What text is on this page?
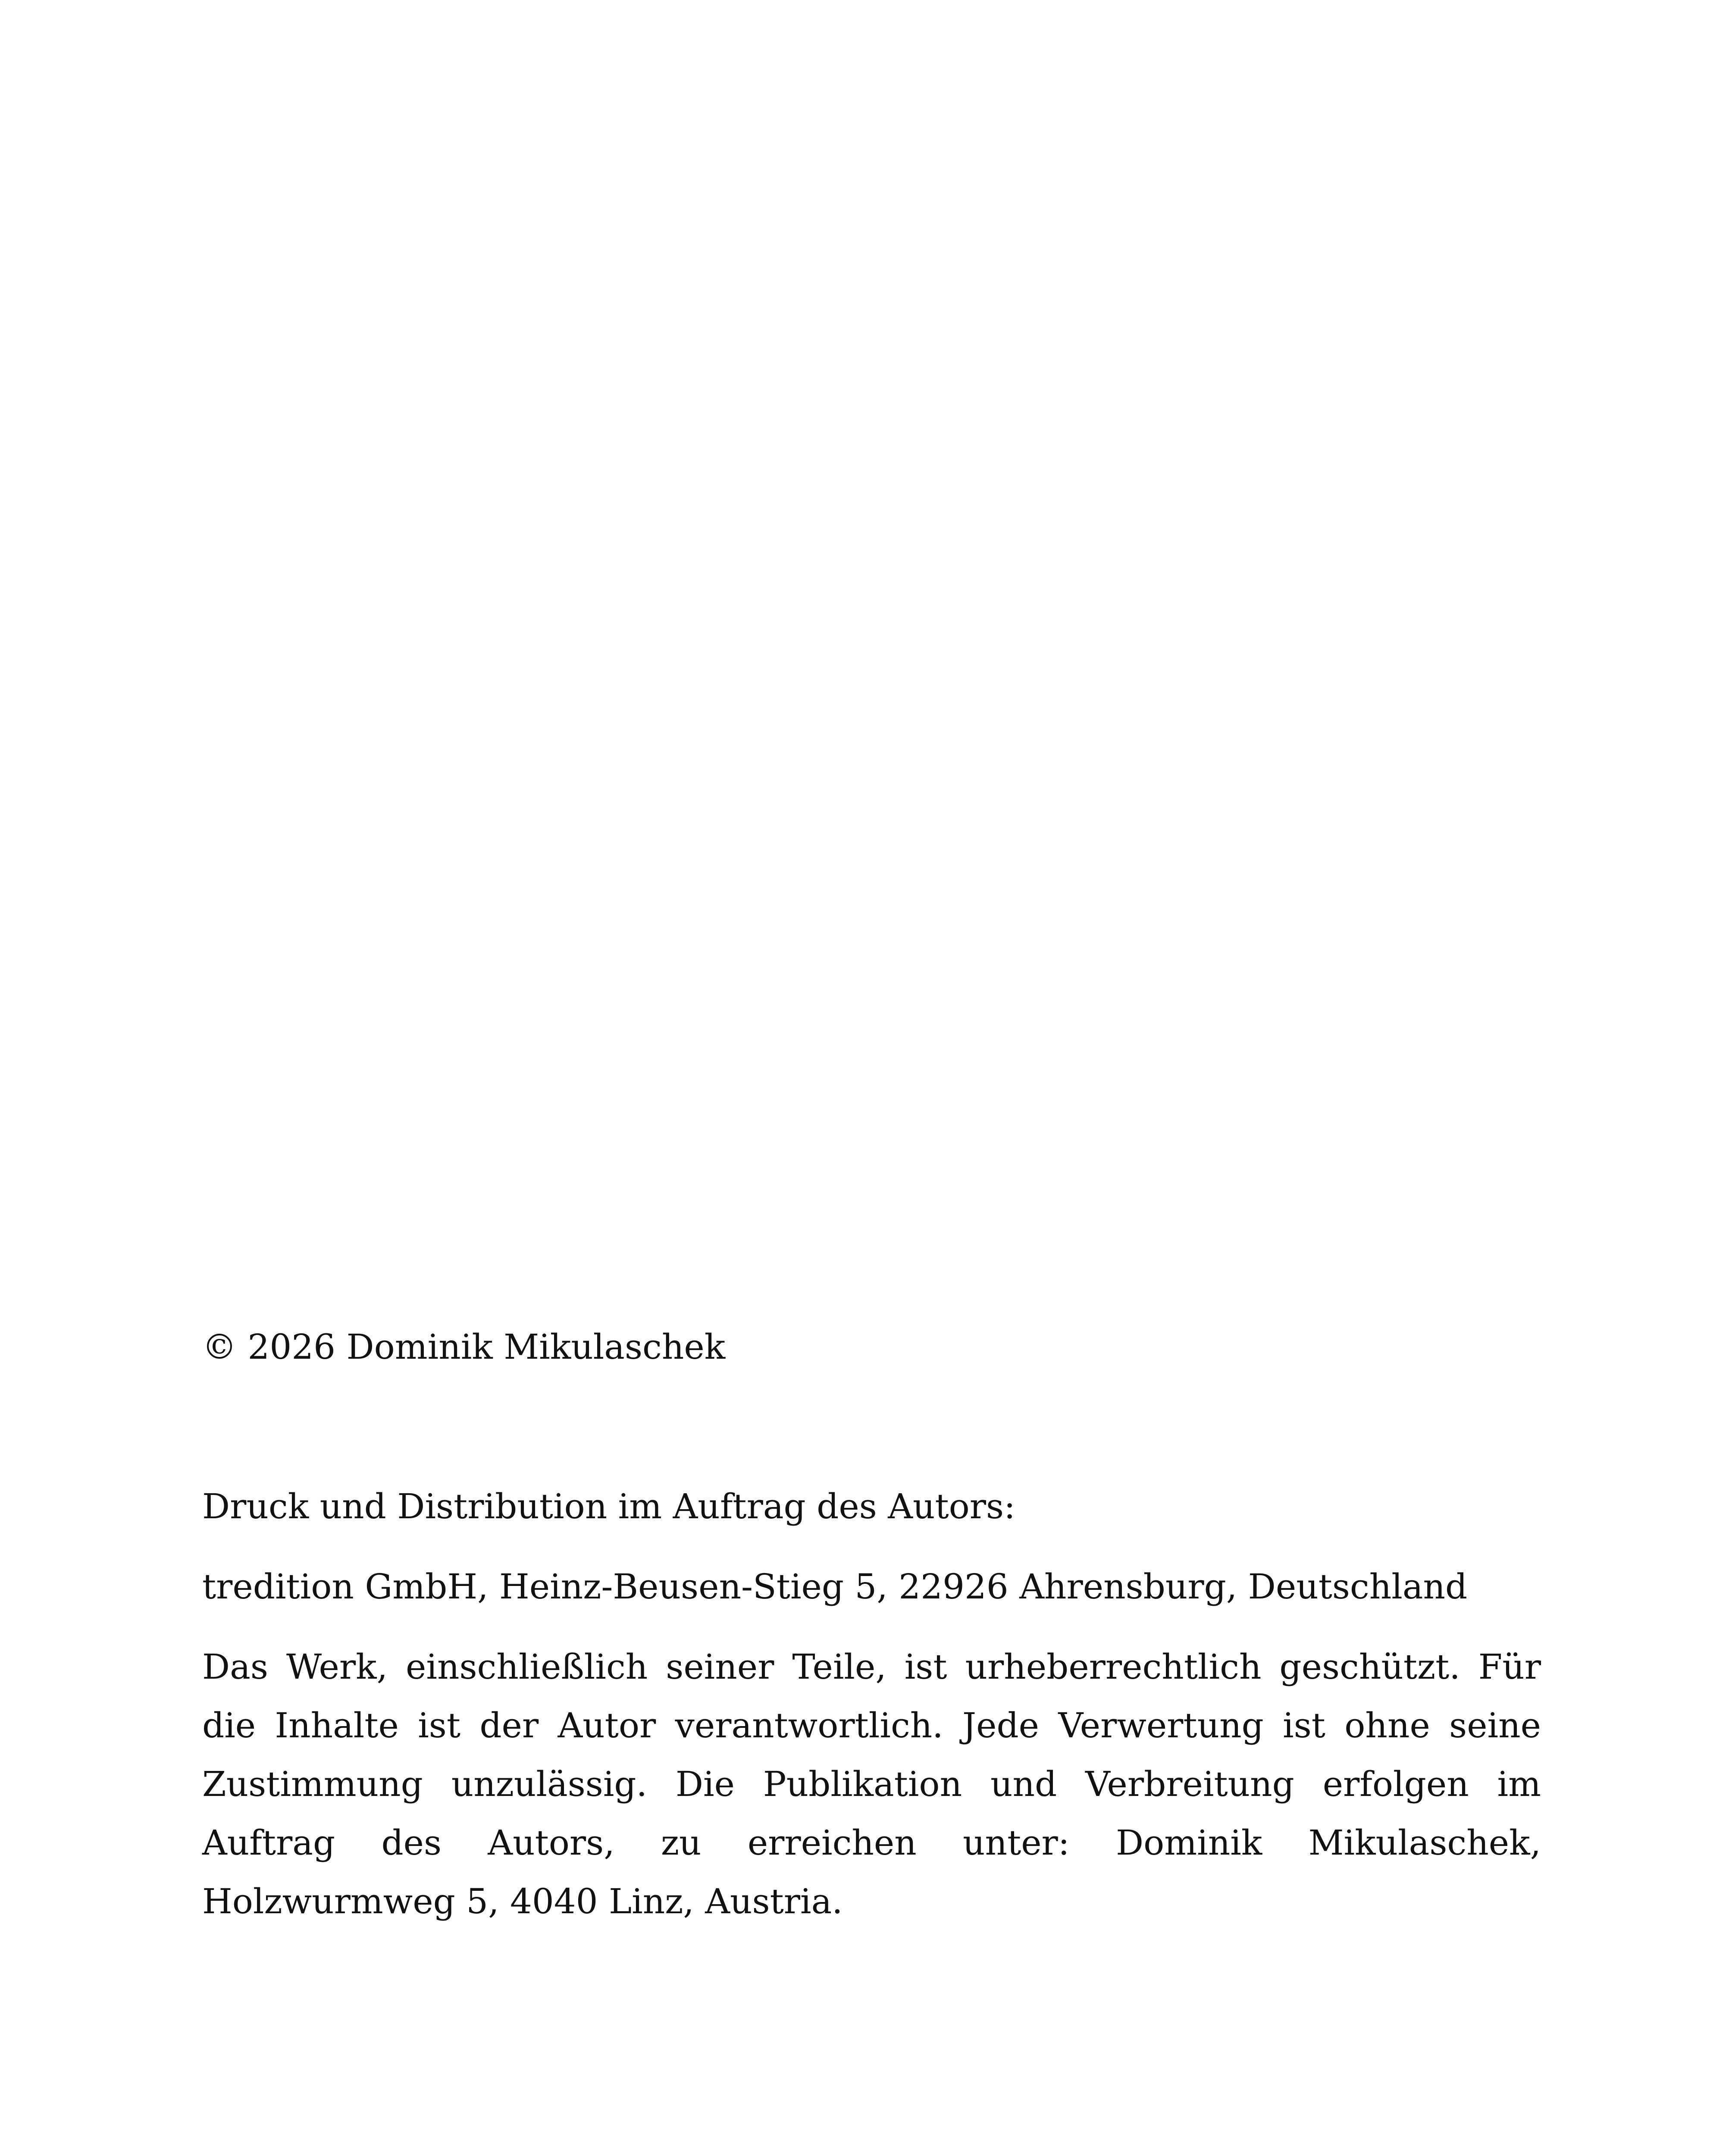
© 2026 Dominik Mikulaschek

Druck und Distribution im Auftrag des Autors:

tredition GmbH, Heinz-Beusen-Stieg 5, 22926 Ahrensburg, Deutschland

Das Werk, einschließlich seiner Teile, ist urheberrechtlich geschützt. Für die Inhalte ist der Autor verantwortlich. Jede Verwertung ist ohne seine Zustimmung unzulässig. Die Publikation und Verbreitung erfolgen im Auftrag des Autors, zu erreichen unter: Dominik Mikulaschek, Holzwurmweg 5, 4040 Linz, Austria.
